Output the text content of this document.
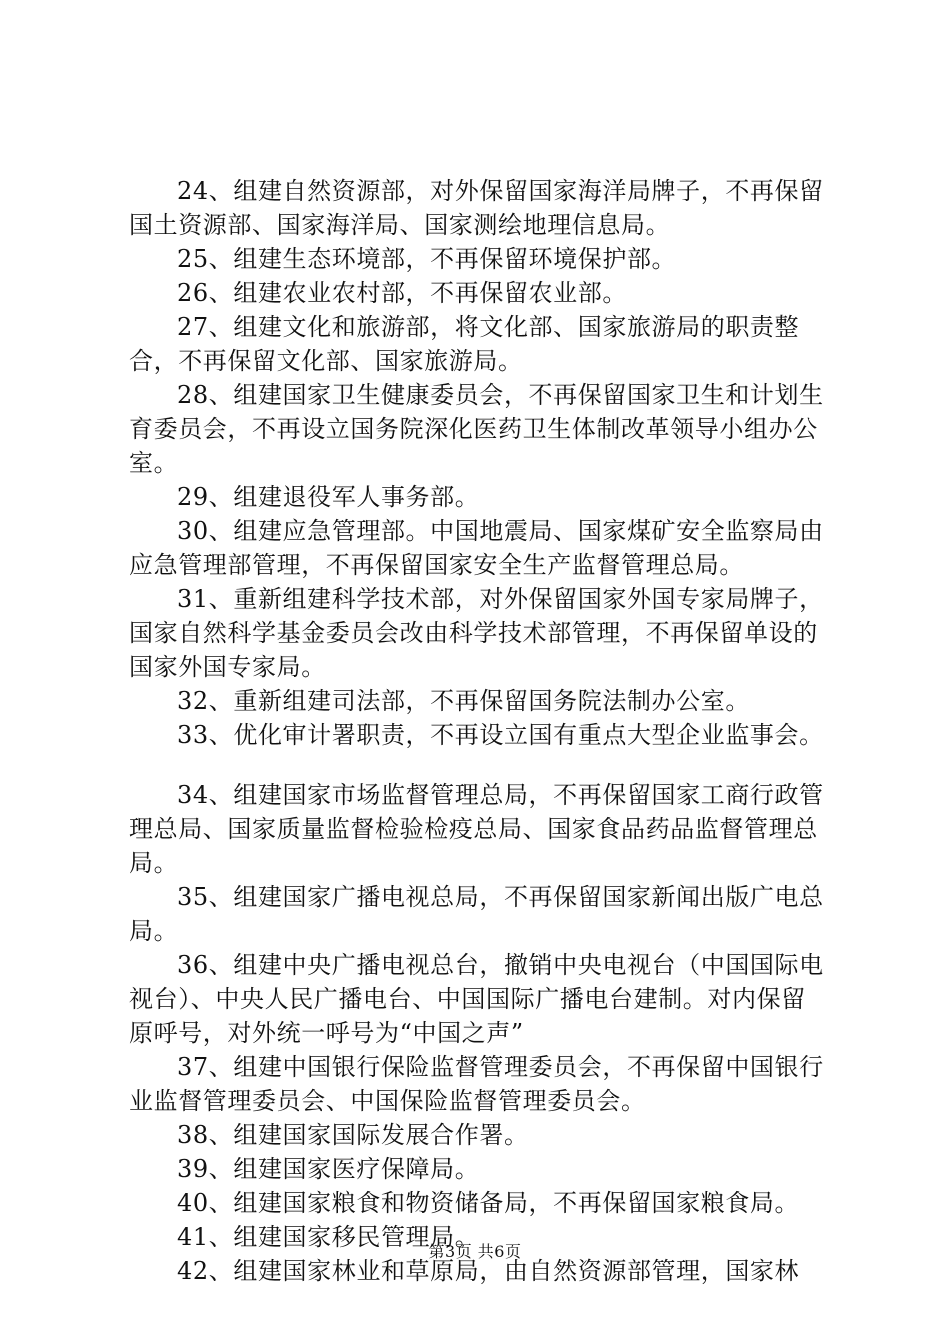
24、组建自然资源部，对外保留国家海洋局牌子，不再保留国土资源部、国家海洋局、国家测绘地理信息局。

25、组建生态环境部，不再保留环境保护部。

26、组建农业农村部，不再保留农业部。

27、组建文化和旅游部，将文化部、国家旅游局的职责整合，不再保留文化部、国家旅游局。

28、组建国家卫生健康委员会，不再保留国家卫生和计划生育委员会，不再设立国务院深化医药卫生体制改革领导小组办公室。

29、组建退役军人事务部。

30、组建应急管理部。中国地震局、国家煤矿安全监察局由应急管理部管理，不再保留国家安全生产监督管理总局。

31、重新组建科学技术部，对外保留国家外国专家局牌子，国家自然科学基金委员会改由科学技术部管理，不再保留单设的国家外国专家局。

32、重新组建司法部，不再保留国务院法制办公室。

33、优化审计署职责，不再设立国有重点大型企业监事会。

34、组建国家市场监督管理总局，不再保留国家工商行政管理总局、国家质量监督检验检疫总局、国家食品药品监督管理总局。

35、组建国家广播电视总局，不再保留国家新闻出版广电总局。

36、组建中央广播电视总台，撤销中央电视台（中国国际电视台）、中央人民广播电台、中国国际广播电台建制。对内保留原呼号，对外统一呼号为“中国之声”

37、组建中国银行保险监督管理委员会，不再保留中国银行业监督管理委员会、中国保险监督管理委员会。

38、组建国家国际发展合作署。

39、组建国家医疗保障局。

40、组建国家粮食和物资储备局，不再保留国家粮食局。

41、组建国家移民管理局。

42、组建国家林业和草原局，由自然资源部管理，国家林

第3页 共6页
